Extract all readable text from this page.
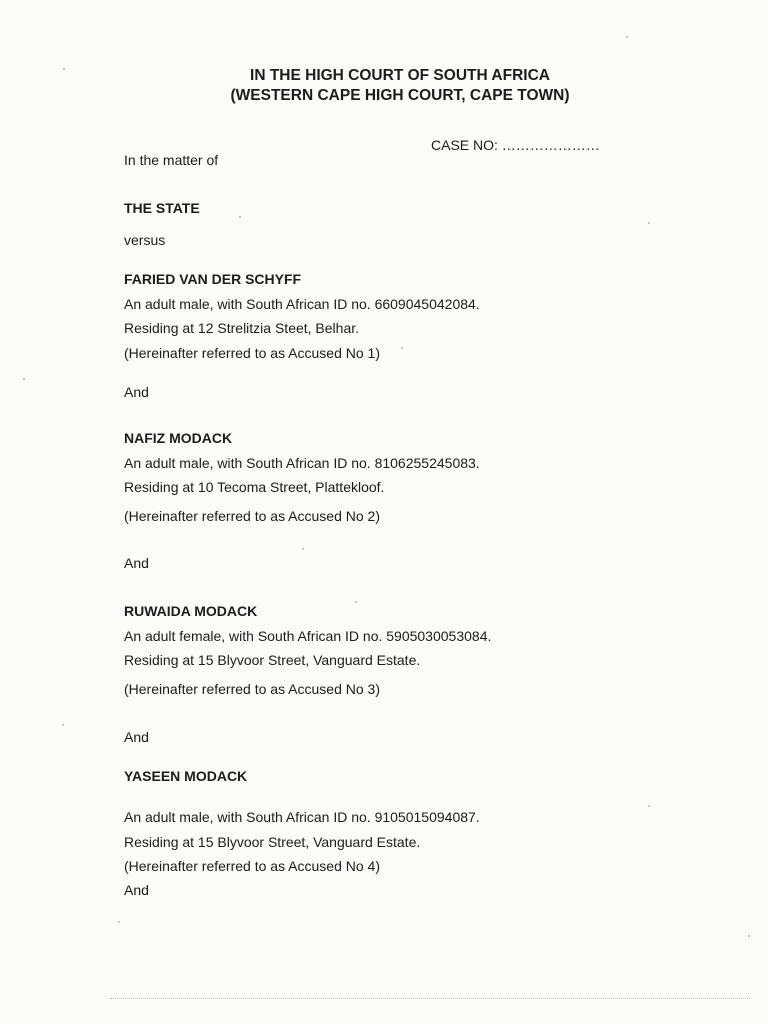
IN THE HIGH COURT OF SOUTH AFRICA
(WESTERN CAPE HIGH COURT, CAPE TOWN)
CASE NO: …………………
In the matter of
THE STATE
versus
FARIED VAN DER SCHYFF
An adult male, with South African ID no. 6609045042084.
Residing at 12 Strelitzia Steet, Belhar.
(Hereinafter referred to as Accused No 1)
And
NAFIZ MODACK
An adult male, with South African ID no. 8106255245083.
Residing at 10 Tecoma Street, Plattekloof.
(Hereinafter referred to as Accused No 2)
And
RUWAIDA MODACK
An adult female, with South African ID no. 5905030053084.
Residing at 15 Blyvoor Street, Vanguard Estate.
(Hereinafter referred to as Accused No 3)
And
YASEEN MODACK
An adult male, with South African ID no. 9105015094087.
Residing at 15 Blyvoor Street, Vanguard Estate.
(Hereinafter referred to as Accused No 4)
And
